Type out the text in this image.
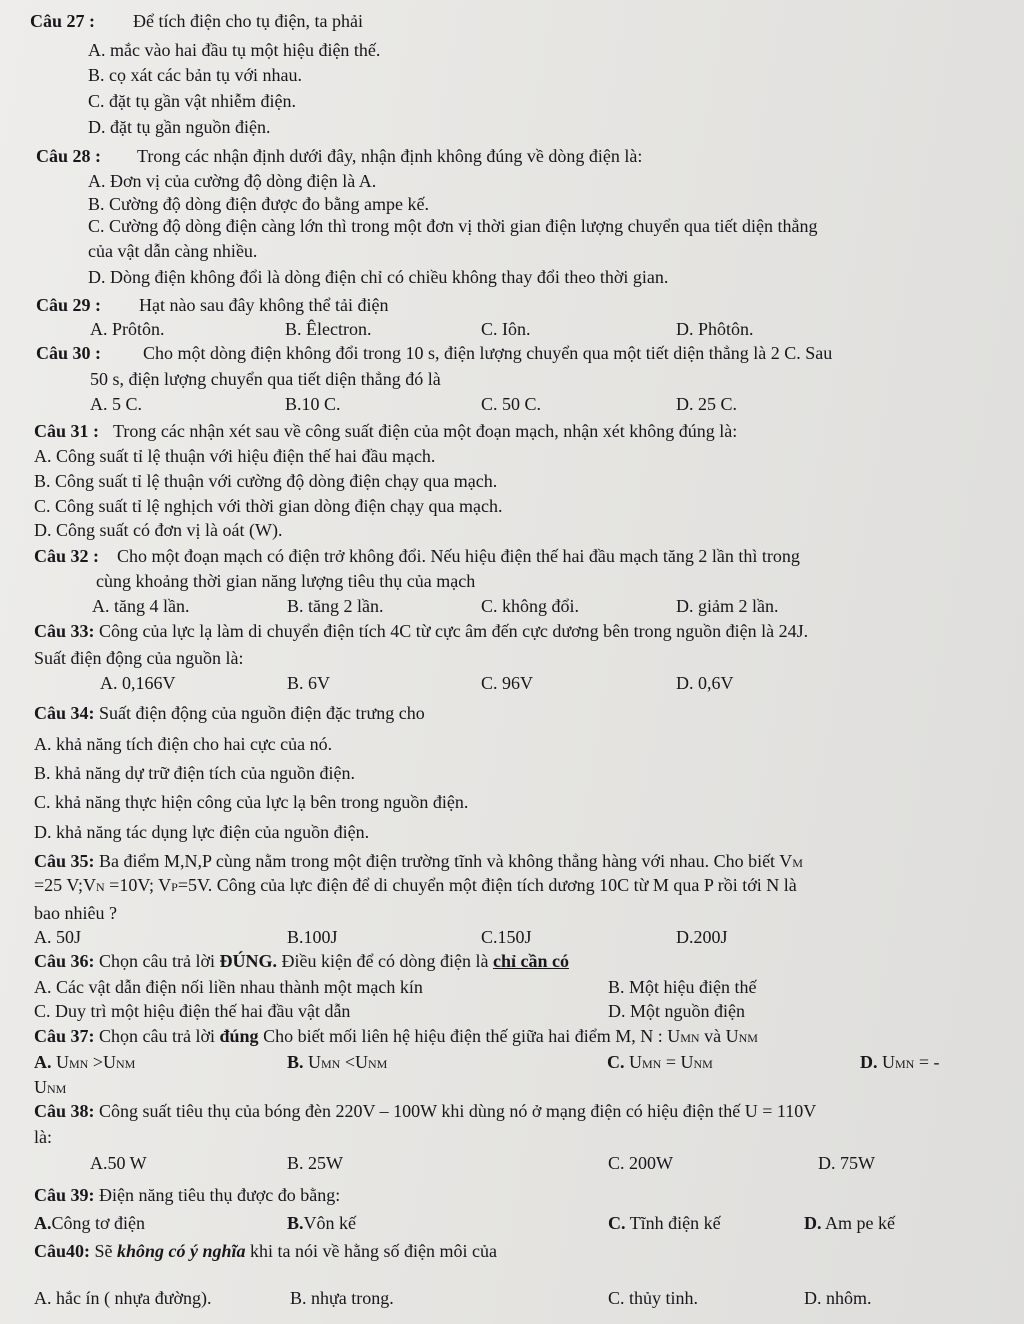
Câu 27 : Để tích điện cho tụ điện, ta phải
A. mắc vào hai đầu tụ một hiệu điện thế.
B. cọ xát các bản tụ với nhau.
C. đặt tụ gần vật nhiễm điện.
D. đặt tụ gần nguồn điện.
Câu 28 : Trong các nhận định dưới đây, nhận định không đúng về dòng điện là:
A. Đơn vị của cường độ dòng điện là A.
B. Cường độ dòng điện được đo bằng ampe kế.
C. Cường độ dòng điện càng lớn thì trong một đơn vị thời gian điện lượng chuyển qua tiết diện thẳng
của vật dẫn càng nhiều.
D. Dòng điện không đổi là dòng điện chỉ có chiều không thay đổi theo thời gian.
Câu 29 : Hạt nào sau đây không thể tải điện
A. Prôtôn.	B. Êlectron.	C. Iôn.	D. Phôtôn.
Câu 30 : Cho một dòng điện không đổi trong 10 s, điện lượng chuyển qua một tiết diện thẳng là 2 C. Sau
50 s, điện lượng chuyển qua tiết diện thẳng đó là
A. 5 C.	B.10 C.	C. 50 C.	D. 25 C.
Câu 31 : Trong các nhận xét sau về công suất điện của một đoạn mạch, nhận xét không đúng là:
A. Công suất tỉ lệ thuận với hiệu điện thế hai đầu mạch.
B. Công suất tỉ lệ thuận với cường độ dòng điện chạy qua mạch.
C. Công suất tỉ lệ nghịch với thời gian dòng điện chạy qua mạch.
D. Công suất có đơn vị là oát (W).
Câu 32 : Cho một đoạn mạch có điện trở không đổi. Nếu hiệu điện thế hai đầu mạch tăng 2 lần thì trong
cùng khoảng thời gian năng lượng tiêu thụ của mạch
A. tăng 4 lần.	B. tăng 2 lần.	C. không đổi.	D. giảm 2 lần.
Câu 33: Công của lực lạ làm di chuyển điện tích 4C từ cực âm đến cực dương bên trong nguồn điện là 24J.
Suất điện động của nguồn là:
A. 0,166V	B. 6V	C. 96V	D. 0,6V
Câu 34: Suất điện động của nguồn điện đặc trưng cho
A. khả năng tích điện cho hai cực của nó.
B. khả năng dự trữ điện tích của nguồn điện.
C. khả năng thực hiện công của lực lạ bên trong nguồn điện.
D. khả năng tác dụng lực điện của nguồn điện.
Câu 35: Ba điểm M,N,P cùng nằm trong một điện trường tĩnh và không thẳng hàng với nhau. Cho biết VM
=25 V;VN =10V; VP=5V. Công của lực điện để di chuyển một điện tích dương 10C từ M qua P rồi tới N là
bao nhiêu ?
A. 50J	B.100J	C.150J	D.200J
Câu 36: Chọn câu trả lời ĐÚNG. Điều kiện để có dòng điện là chỉ cần có
A. Các vật dẫn điện nối liền nhau thành một mạch kín	B. Một hiệu điện thế
C. Duy trì một hiệu điện thế hai đầu vật dẫn	D. Một nguồn điện
Câu 37: Chọn câu trả lời đúng Cho biết mối liên hệ hiệu điện thế giữa hai điểm M, N : UMN và UNM
A. UMN >UNM	B. UMN <UNM	C. UMN = UNM	D. UMN = -
UNM
Câu 38: Công suất tiêu thụ của bóng đèn 220V – 100W khi dùng nó ở mạng điện có hiệu điện thế U = 110V
là:
A.50 W	B. 25W	C. 200W	D. 75W
Câu 39: Điện năng tiêu thụ được đo bằng:
A.Công tơ điện	B.Vôn kế	C. Tĩnh điện kế	D. Am pe kế
Câu40: Sẽ không có ý nghĩa khi ta nói về hằng số điện môi của
A. hắc ín ( nhựa đường).	B. nhựa trong.	C. thủy tinh.	D. nhôm.
